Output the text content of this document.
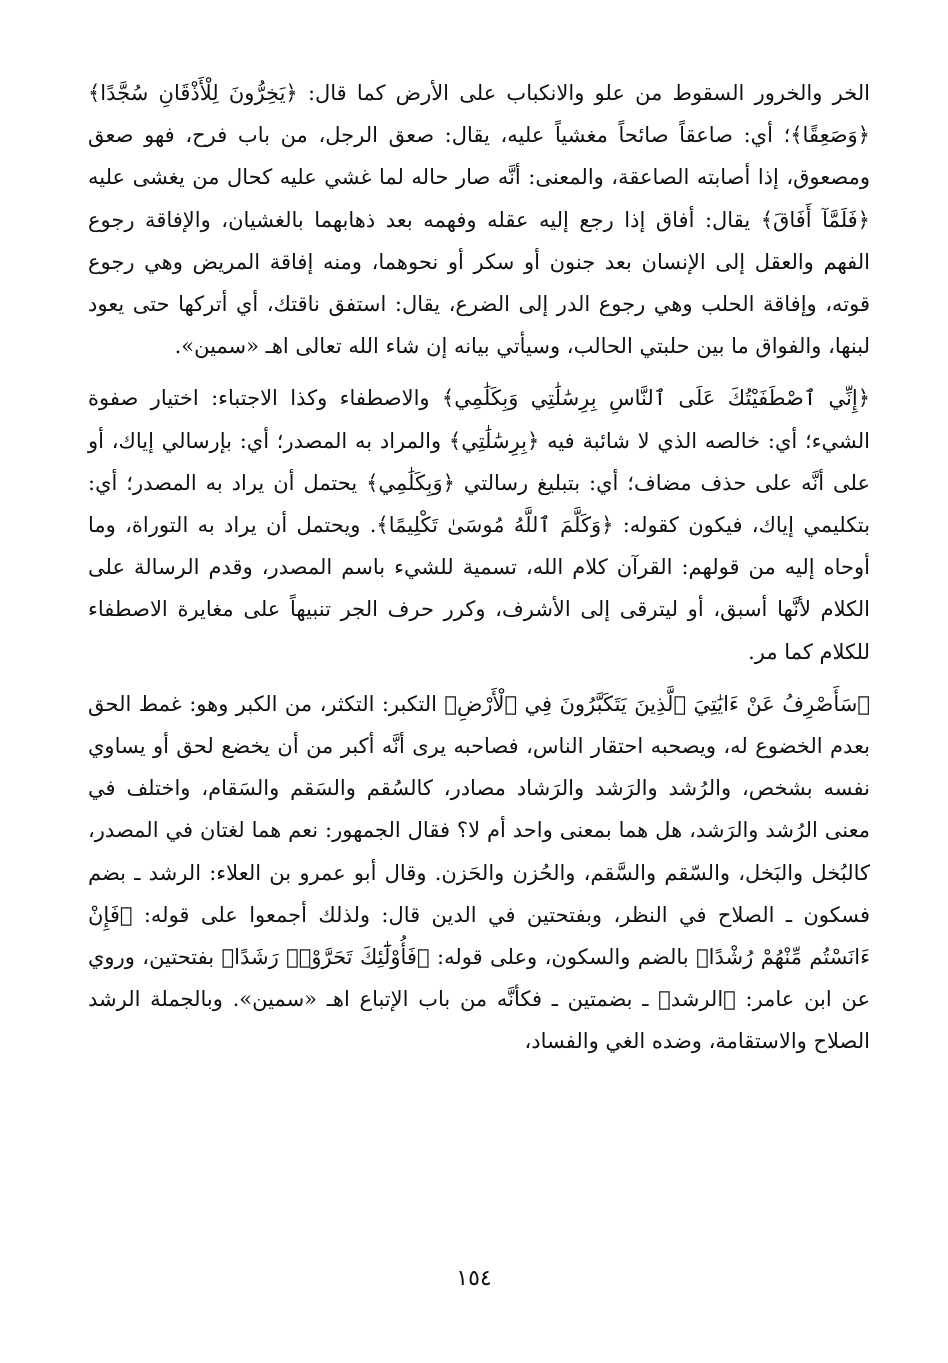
الخر والخرور السقوط من علو والانكباب على الأرض كما قال: ﴿يَخِرُّونَ لِلْأَذْقَانِ سُجَّدًا﴾ ﴿وَصَعِقًا﴾؛ أي: صاعقاً صائحاً مغشياً عليه، يقال: صعق الرجل، من باب فرح، فهو صعق ومصعوق، إذا أصابته الصاعقة، والمعنى: أنَّه صار حاله لما غشي عليه كحال من يغشى عليه ﴿فَلَمَّآ أَفَاقَ﴾ يقال: أفاق إذا رجع إليه عقله وفهمه بعد ذهابهما بالغشيان، والإفاقة رجوع الفهم والعقل إلى الإنسان بعد جنون أو سكر أو نحوهما، ومنه إفاقة المريض وهي رجوع قوته، وإفاقة الحلب وهي رجوع الدر إلى الضرع، يقال: استفق ناقتك، أي أتركها حتى يعود لبنها، والفواق ما بين حلبتي الحالب، وسيأتي بيانه إن شاء الله تعالى اهـ «سمين».

﴿إِنِّي ٱصْطَفَيْتُكَ عَلَى ٱلنَّاسِ بِرِسَٰلَٰتِي وَبِكَلَٰمِي﴾ والاصطفاء وكذا الاجتباء: اختيار صفوة الشيء؛ أي: خالصه الذي لا شائبة فيه ﴿بِرِسَٰلَٰتِي﴾ والمراد به المصدر؛ أي: بإرسالي إياك، أو على أنَّه على حذف مضاف؛ أي: بتبليغ رسالتي ﴿وَبِكَلَٰمِي﴾ يحتمل أن يراد به المصدر؛ أي: بتكليمي إياك، فيكون كقوله: ﴿وَكَلَّمَ ٱللَّهُ مُوسَىٰ تَكْلِيمًا﴾. ويحتمل أن يراد به التوراة، وما أوحاه إليه من قولهم: القرآن كلام الله، تسمية للشيء باسم المصدر، وقدم الرسالة على الكلام لأنَّها أسبق، أو ليترقى إلى الأشرف، وكرر حرف الجر تنبيهاً على مغايرة الاصطفاء للكلام كما مر.

﴿سَأَصْرِفُ عَنْ ءَايَٰتِيَ ٱلَّذِينَ يَتَكَبَّرُونَ فِي ٱلْأَرْضِ﴾ التكبر: التكثر، من الكبر وهو: غمط الحق بعدم الخضوع له، ويصحبه احتقار الناس، فصاحبه يرى أنَّه أكبر من أن يخضع لحق أو يساوي نفسه بشخص، والرُشد والرَشد والرَشاد مصادر، كالسُقم والسَقم والسَقام، واختلف في معنى الرُشد والرَشد، هل هما بمعنى واحد أم لا؟ فقال الجمهور: نعم هما لغتان في المصدر، كالبُخل والبَخل، والسّقم والسَّقم، والحُزن والحَزن. وقال أبو عمرو بن العلاء: الرشد ـ بضم فسكون ـ الصلاح في النظر، وبفتحتين في الدين قال: ولذلك أجمعوا على قوله: ﴿فَإِنْ ءَانَسْتُم مِّنْهُمْ رُشْدًا﴾ بالضم والسكون، وعلى قوله: ﴿فَأُوْلَٰٓئِكَ تَحَرَّوْا۟ رَشَدًا﴾ بفتحتين، وروي عن ابن عامر: ﴿الرشد﴾ ـ بضمتين ـ فكأنَّه من باب الإتباع اهـ «سمين». وبالجملة الرشد الصلاح والاستقامة، وضده الغي والفساد،

١٥٤
